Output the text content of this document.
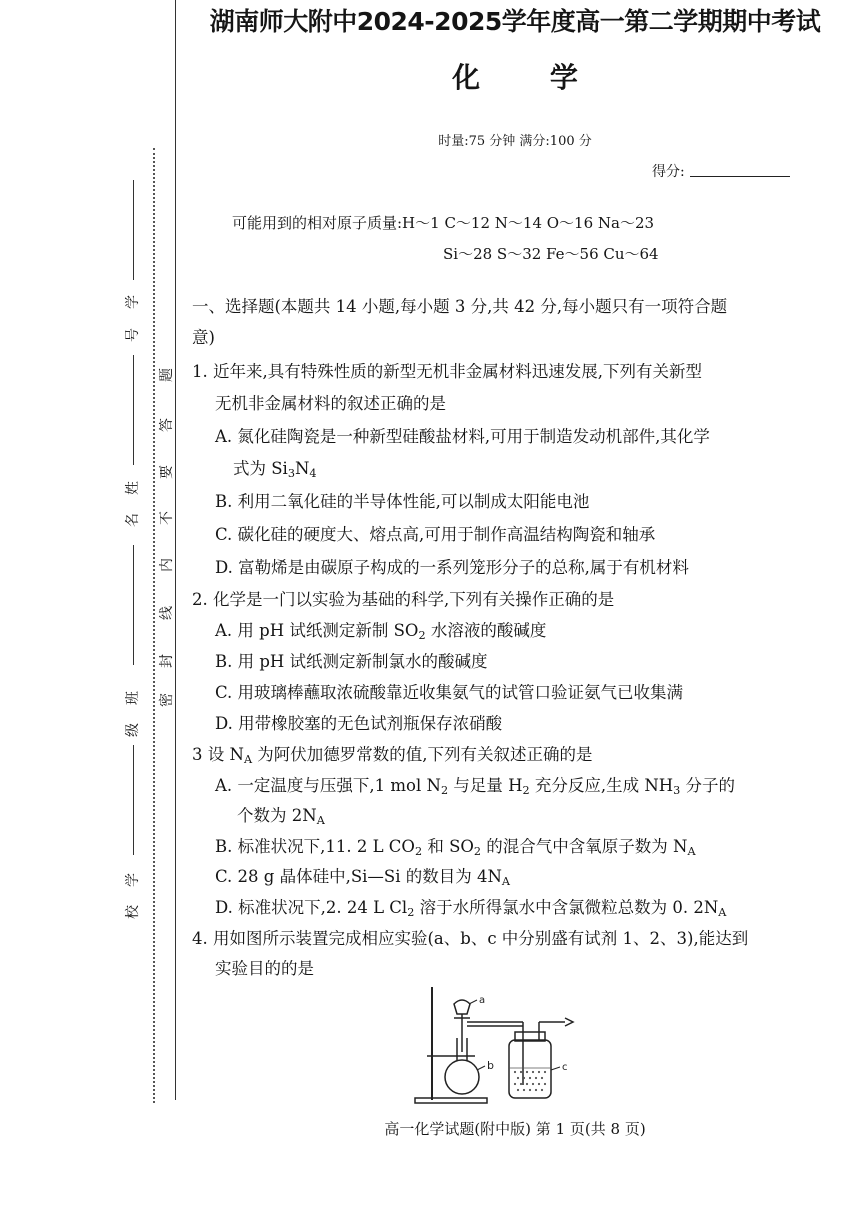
学
号
姓
名
班
级
学
校
题
答
要
不
内
线
封
密
湖南师大附中2024-2025学年度高一第二学期期中考试
化 学
时量:75 分钟 满分:100 分
得分:
可能用到的相对原子质量:H～1 C～12 N～14 O～16 Na～23
Si～28 S～32 Fe～56 Cu～64
一、选择题(本题共 14 小题,每小题 3 分,共 42 分,每小题只有一项符合题
意)
1. 近年来,具有特殊性质的新型无机非金属材料迅速发展,下列有关新型
无机非金属材料的叙述正确的是
A. 氮化硅陶瓷是一种新型硅酸盐材料,可用于制造发动机部件,其化学
式为 $Si_3N_4$
B. 利用二氧化硅的半导体性能,可以制成太阳能电池
C. 碳化硅的硬度大、熔点高,可用于制作高温结构陶瓷和轴承
D. 富勒烯是由碳原子构成的一系列笼形分子的总称,属于有机材料
2. 化学是一门以实验为基础的科学,下列有关操作正确的是
A. 用 pH 试纸测定新制 $SO_2$ 水溶液的酸碱度
B. 用 pH 试纸测定新制氯水的酸碱度
C. 用玻璃棒蘸取浓硫酸靠近收集氨气的试管口验证氨气已收集满
D. 用带橡胶塞的无色试剂瓶保存浓硝酸
3 设 $N_A$ 为阿伏加德罗常数的值,下列有关叙述正确的是
A. 一定温度与压强下,1 mol $N_2$ 与足量 $H_2$ 充分反应,生成 $NH_3$ 分子的
个数为 $2N_A$
B. 标准状况下,11. 2 L $CO_2$ 和 $SO_2$ 的混合气中含氧原子数为 $N_A$
C. 28 g 晶体硅中,Si—Si 的数目为 $4N_A$
D. 标准状况下,2. 24 L $Cl_2$ 溶于水所得氯水中含氯微粒总数为 0. $2N_A$
4. 用如图所示装置完成相应实验(a、b、c 中分别盛有试剂 1、2、3),能达到
实验目的的是
a
b	c
高一化学试题(附中版) 第 1 页(共 8 页)
